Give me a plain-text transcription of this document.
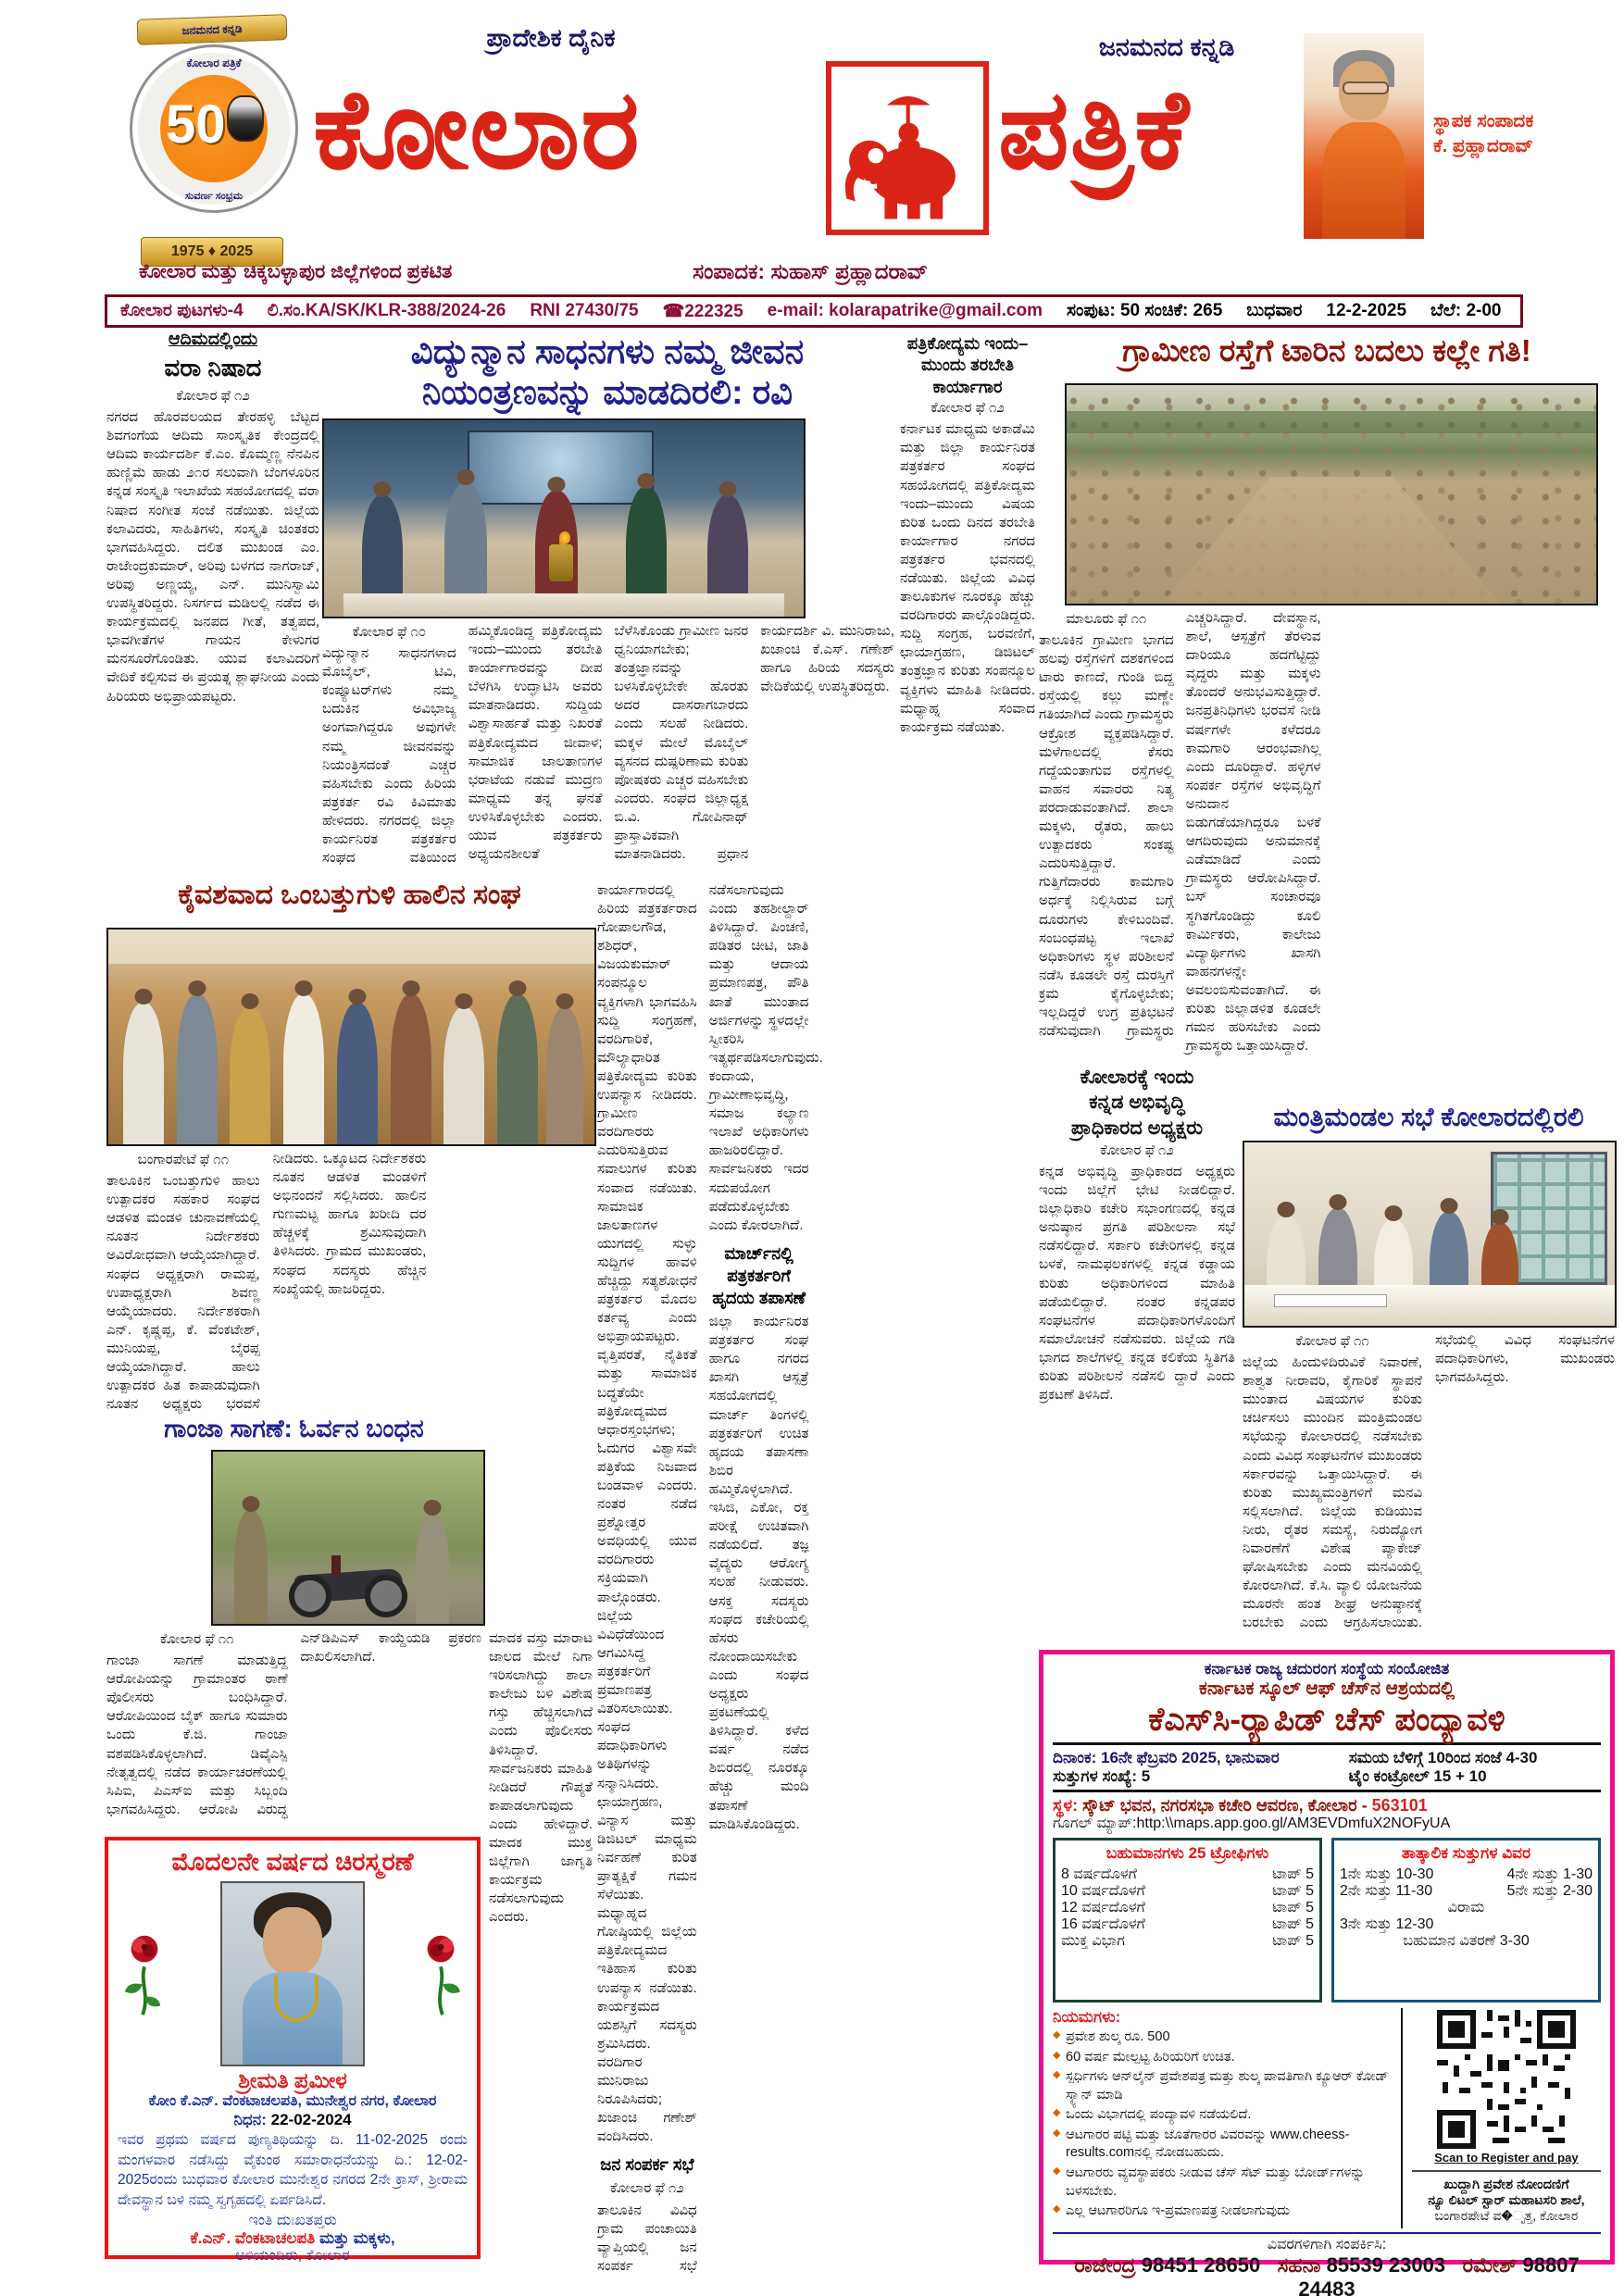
ಜನಮನದ ಕನ್ನಡಿ
ಕೋಲಾರ ಪತ್ರಿಕೆ
50
ಸುವರ್ಣ ಸಂಭ್ರಮ
1975 ♦ 2025
ಪ್ರಾದೇಶಿಕ ದೈನಿಕ	ಜನಮನದ ಕನ್ನಡಿ
ಕೋಲಾರ	ಪತ್ರಿಕೆ	ಸ್ಥಾಪಕ ಸಂಪಾದಕ
ಕೆ. ಪ್ರಹ್ಲಾದರಾವ್
ಕೋಲಾರ ಮತ್ತು ಚಿಕ್ಕಬಳ್ಳಾಪುರ ಜಿಲ್ಲೆಗಳಿಂದ ಪ್ರಕಟಿತ	ಸಂಪಾದಕ: ಸುಹಾಸ್ ಪ್ರಹ್ಲಾದರಾವ್
ಕೋಲಾರ ಪುಟಗಳು-4 ಲಿ.ಸಂ.KA/SK/KLR-388/2024-26 RNI 27430/75 ☎222325 e-mail: kolarapatrike@gmail.com ಸಂಪುಟ: 50 ಸಂಚಿಕೆ: 265 ಬುಧವಾರ 12-2-2025 ಬೆಲೆ: 2-00
ಆದಿಮದಲ್ಲಿಂದು
ವರಾ ನಿಷಾದ
ಕೋಲಾರ ಫೆ ೧೨
ನಗರದ ಹೊರವಲಯದ ತೇರಹಳ್ಳಿ ಬೆಟ್ಟದ ಶಿವಗಂಗೆಯ ಆದಿಮ ಸಾಂಸ್ಕೃತಿಕ ಕೇಂದ್ರದಲ್ಲಿ ಆದಿಮ ಕಾರ್ಯದರ್ಶಿ ಕೆ.ಎಂ. ಕೊಮ್ಮಣ್ಣ ನೆನಪಿನ ಹುಣ್ಣಿಮೆ ಹಾಡು ೨೧ರ ಸಲುವಾಗಿ ಬೆಂಗಳೂರಿನ ಕನ್ನಡ ಸಂಸ್ಕೃತಿ ಇಲಾಖೆಯ ಸಹಯೋಗದಲ್ಲಿ ವರಾ ನಿಷಾದ ಸಂಗೀತ ಸಂಜೆ ನಡೆಯಿತು. ಜಿಲ್ಲೆಯ ಕಲಾವಿದರು, ಸಾಹಿತಿಗಳು, ಸಂಸ್ಕೃತಿ ಚಿಂತಕರು ಭಾಗವಹಿಸಿದ್ದರು. ದಲಿತ ಮುಖಂಡ ಎಂ. ರಾಜೇಂದ್ರಕುಮಾರ್, ಅರಿವು ಬಳಗದ ನಾಗರಾಜ್, ಅರಿವು ಅಣ್ಣಯ್ಯ, ಎನ್. ಮುನಿಸ್ವಾಮಿ ಉಪಸ್ಥಿತರಿದ್ದರು. ನಿಸರ್ಗದ ಮಡಿಲಲ್ಲಿ ನಡೆದ ಈ ಕಾರ್ಯಕ್ರಮದಲ್ಲಿ ಜನಪದ ಗೀತೆ, ತತ್ವಪದ, ಭಾವಗೀತೆಗಳ ಗಾಯನ ಕೇಳುಗರ ಮನಸೂರೆಗೊಂಡಿತು. ಯುವ ಕಲಾವಿದರಿಗೆ ವೇದಿಕೆ ಕಲ್ಪಿಸುವ ಈ ಪ್ರಯತ್ನ ಶ್ಲಾಘನೀಯ ಎಂದು ಹಿರಿಯರು ಅಭಿಪ್ರಾಯಪಟ್ಟರು.
ವಿದ್ಯುನ್ಮಾನ ಸಾಧನಗಳು ನಮ್ಮ ಜೀವನ
ನಿಯಂತ್ರಣವನ್ನು ಮಾಡದಿರಲಿ: ರವಿ
ಕೋಲಾರ ಫೆ ೧೦
ವಿದ್ಯುನ್ಮಾನ ಸಾಧನಗಳಾದ ಮೊಬೈಲ್, ಟಿವಿ, ಕಂಪ್ಯೂಟರ್‌ಗಳು ನಮ್ಮ ಬದುಕಿನ ಅವಿಭಾಜ್ಯ ಅಂಗವಾಗಿದ್ದರೂ ಅವುಗಳೇ ನಮ್ಮ ಜೀವನವನ್ನು ನಿಯಂತ್ರಿಸದಂತೆ ಎಚ್ಚರ ವಹಿಸಬೇಕು ಎಂದು ಹಿರಿಯ ಪತ್ರಕರ್ತ ರವಿ ಕಿವಿಮಾತು ಹೇಳಿದರು. ನಗರದಲ್ಲಿ ಜಿಲ್ಲಾ ಕಾರ್ಯನಿರತ ಪತ್ರಕರ್ತರ ಸಂಘದ ವತಿಯಿಂದ ಹಮ್ಮಿಕೊಂಡಿದ್ದ ಪತ್ರಿಕೋದ್ಯಮ ಇಂದು–ಮುಂದು ತರಬೇತಿ ಕಾರ್ಯಾಗಾರವನ್ನು ದೀಪ ಬೆಳಗಿಸಿ ಉದ್ಘಾಟಿಸಿ ಅವರು ಮಾತನಾಡಿದರು. ಸುದ್ದಿಯ ವಿಶ್ವಾಸಾರ್ಹತೆ ಮತ್ತು ನಿಖರತೆ ಪತ್ರಿಕೋದ್ಯಮದ ಜೀವಾಳ; ಸಾಮಾಜಿಕ ಜಾಲತಾಣಗಳ ಭರಾಟೆಯ ನಡುವೆ ಮುದ್ರಣ ಮಾಧ್ಯಮ ತನ್ನ ಘನತೆ ಉಳಿಸಿಕೊಳ್ಳಬೇಕು ಎಂದರು. ಯುವ ಪತ್ರಕರ್ತರು ಅಧ್ಯಯನಶೀಲತೆ ಬೆಳೆಸಿಕೊಂಡು ಗ್ರಾಮೀಣ ಜನರ ಧ್ವನಿಯಾಗಬೇಕು; ತಂತ್ರಜ್ಞಾನವನ್ನು ಬಳಸಿಕೊಳ್ಳಬೇಕೇ ಹೊರತು ಅದರ ದಾಸರಾಗಬಾರದು ಎಂದು ಸಲಹೆ ನೀಡಿದರು. ಮಕ್ಕಳ ಮೇಲೆ ಮೊಬೈಲ್ ವ್ಯಸನದ ದುಷ್ಪರಿಣಾಮ ಕುರಿತು ಪೋಷಕರು ಎಚ್ಚರ ವಹಿಸಬೇಕು ಎಂದರು. ಸಂಘದ ಜಿಲ್ಲಾಧ್ಯಕ್ಷ ಬಿ.ವಿ. ಗೋಪಿನಾಥ್ ಪ್ರಾಸ್ತಾವಿಕವಾಗಿ ಮಾತನಾಡಿದರು. ಪ್ರಧಾನ ಕಾರ್ಯದರ್ಶಿ ವಿ. ಮುನಿರಾಜು, ಖಜಾಂಚಿ ಕೆ.ಎಸ್. ಗಣೇಶ್ ಹಾಗೂ ಹಿರಿಯ ಸದಸ್ಯರು ವೇದಿಕೆಯಲ್ಲಿ ಉಪಸ್ಥಿತರಿದ್ದರು.
ಪತ್ರಿಕೋದ್ಯಮ ಇಂದು–ಮುಂದು ತರಬೇತಿ ಕಾರ್ಯಾಗಾರ
ಕೋಲಾರ ಫೆ ೧೨
ಕರ್ನಾಟಕ ಮಾಧ್ಯಮ ಅಕಾಡೆಮಿ ಮತ್ತು ಜಿಲ್ಲಾ ಕಾರ್ಯನಿರತ ಪತ್ರಕರ್ತರ ಸಂಘದ ಸಹಯೋಗದಲ್ಲಿ ಪತ್ರಿಕೋದ್ಯಮ ಇಂದು–ಮುಂದು ವಿಷಯ ಕುರಿತ ಒಂದು ದಿನದ ತರಬೇತಿ ಕಾರ್ಯಾಗಾರ ನಗರದ ಪತ್ರಕರ್ತರ ಭವನದಲ್ಲಿ ನಡೆಯಿತು. ಜಿಲ್ಲೆಯ ವಿವಿಧ ತಾಲೂಕುಗಳ ನೂರಕ್ಕೂ ಹೆಚ್ಚು ವರದಿಗಾರರು ಪಾಲ್ಗೊಂಡಿದ್ದರು. ಸುದ್ದಿ ಸಂಗ್ರಹ, ಬರವಣಿಗೆ, ಛಾಯಾಗ್ರಹಣ, ಡಿಜಿಟಲ್ ತಂತ್ರಜ್ಞಾನ ಕುರಿತು ಸಂಪನ್ಮೂಲ ವ್ಯಕ್ತಿಗಳು ಮಾಹಿತಿ ನೀಡಿದರು. ಮಧ್ಯಾಹ್ನ ಸಂವಾದ ಕಾರ್ಯಕ್ರಮ ನಡೆಯಿತು.
ಗ್ರಾಮೀಣ ರಸ್ತೆಗೆ ಟಾರಿನ ಬದಲು ಕಲ್ಲೇ ಗತಿ!
ಮಾಲೂರು ಫೆ ೧೧
ತಾಲೂಕಿನ ಗ್ರಾಮೀಣ ಭಾಗದ ಹಲವು ರಸ್ತೆಗಳಿಗೆ ದಶಕಗಳಿಂದ ಟಾರು ಕಾಣದೆ, ಗುಂಡಿ ಬಿದ್ದ ರಸ್ತೆಯಲ್ಲಿ ಕಲ್ಲು ಮಣ್ಣೇ ಗತಿಯಾಗಿದೆ ಎಂದು ಗ್ರಾಮಸ್ಥರು ಆಕ್ರೋಶ ವ್ಯಕ್ತಪಡಿಸಿದ್ದಾರೆ. ಮಳೆಗಾಲದಲ್ಲಿ ಕೆಸರು ಗದ್ದೆಯಂತಾಗುವ ರಸ್ತೆಗಳಲ್ಲಿ ವಾಹನ ಸವಾರರು ನಿತ್ಯ ಪರದಾಡುವಂತಾಗಿದೆ. ಶಾಲಾ ಮಕ್ಕಳು, ರೈತರು, ಹಾಲು ಉತ್ಪಾದಕರು ಸಂಕಷ್ಟ ಎದುರಿಸುತ್ತಿದ್ದಾರೆ. ಗುತ್ತಿಗೆದಾರರು ಕಾಮಗಾರಿ ಅರ್ಧಕ್ಕೆ ನಿಲ್ಲಿಸಿರುವ ಬಗ್ಗೆ ದೂರುಗಳು ಕೇಳಿಬಂದಿವೆ. ಸಂಬಂಧಪಟ್ಟ ಇಲಾಖೆ ಅಧಿಕಾರಿಗಳು ಸ್ಥಳ ಪರಿಶೀಲನೆ ನಡೆಸಿ ಕೂಡಲೇ ರಸ್ತೆ ದುರಸ್ತಿಗೆ ಕ್ರಮ ಕೈಗೊಳ್ಳಬೇಕು; ಇಲ್ಲದಿದ್ದರೆ ಉಗ್ರ ಪ್ರತಿಭಟನೆ ನಡೆಸುವುದಾಗಿ ಗ್ರಾಮಸ್ಥರು ಎಚ್ಚರಿಸಿದ್ದಾರೆ. ದೇವಸ್ಥಾನ, ಶಾಲೆ, ಆಸ್ಪತ್ರೆಗೆ ತೆರಳುವ ದಾರಿಯೂ ಹದಗೆಟ್ಟಿದ್ದು ವೃದ್ಧರು ಮತ್ತು ಮಕ್ಕಳು ತೊಂದರೆ ಅನುಭವಿಸುತ್ತಿದ್ದಾರೆ. ಜನಪ್ರತಿನಿಧಿಗಳು ಭರವಸೆ ನೀಡಿ ವರ್ಷಗಳೇ ಕಳೆದರೂ ಕಾಮಗಾರಿ ಆರಂಭವಾಗಿಲ್ಲ ಎಂದು ದೂರಿದ್ದಾರೆ. ಹಳ್ಳಿಗಳ ಸಂಪರ್ಕ ರಸ್ತೆಗಳ ಅಭಿವೃದ್ಧಿಗೆ ಅನುದಾನ ಬಿಡುಗಡೆಯಾಗಿದ್ದರೂ ಬಳಕೆ ಆಗದಿರುವುದು ಅನುಮಾನಕ್ಕೆ ಎಡೆಮಾಡಿದೆ ಎಂದು ಗ್ರಾಮಸ್ಥರು ಆರೋಪಿಸಿದ್ದಾರೆ. ಬಸ್ ಸಂಚಾರವೂ ಸ್ಥಗಿತಗೊಂಡಿದ್ದು ಕೂಲಿ ಕಾರ್ಮಿಕರು, ಕಾಲೇಜು ವಿದ್ಯಾರ್ಥಿಗಳು ಖಾಸಗಿ ವಾಹನಗಳನ್ನೇ ಅವಲಂಬಿಸುವಂತಾಗಿದೆ. ಈ ಕುರಿತು ಜಿಲ್ಲಾಡಳಿತ ಕೂಡಲೇ ಗಮನ ಹರಿಸಬೇಕು ಎಂದು ಗ್ರಾಮಸ್ಥರು ಒತ್ತಾಯಿಸಿದ್ದಾರೆ.
ಕೈವಶವಾದ ಒಂಬತ್ತುಗುಳಿ ಹಾಲಿನ ಸಂಘ
ಬಂಗಾರಪೇಟೆ ಫೆ ೧೧
ತಾಲೂಕಿನ ಒಂಬತ್ತುಗುಳಿ ಹಾಲು ಉತ್ಪಾದಕರ ಸಹಕಾರ ಸಂಘದ ಆಡಳಿತ ಮಂಡಳಿ ಚುನಾವಣೆಯಲ್ಲಿ ನೂತನ ನಿರ್ದೇಶಕರು ಅವಿರೋಧವಾಗಿ ಆಯ್ಕೆಯಾಗಿದ್ದಾರೆ. ಸಂಘದ ಅಧ್ಯಕ್ಷರಾಗಿ ರಾಮಪ್ಪ, ಉಪಾಧ್ಯಕ್ಷರಾಗಿ ಶಿವಣ್ಣ ಆಯ್ಕೆಯಾದರು. ನಿರ್ದೇಶಕರಾಗಿ ಎನ್. ಕೃಷ್ಣಪ್ಪ, ಕೆ. ವೆಂಕಟೇಶ್, ಮುನಿಯಪ್ಪ, ಬೈರಪ್ಪ ಆಯ್ಕೆಯಾಗಿದ್ದಾರೆ. ಹಾಲು ಉತ್ಪಾದಕರ ಹಿತ ಕಾಪಾಡುವುದಾಗಿ ನೂತನ ಅಧ್ಯಕ್ಷರು ಭರವಸೆ ನೀಡಿದರು. ಒಕ್ಕೂಟದ ನಿರ್ದೇಶಕರು ನೂತನ ಆಡಳಿತ ಮಂಡಳಿಗೆ ಅಭಿನಂದನೆ ಸಲ್ಲಿಸಿದರು. ಹಾಲಿನ ಗುಣಮಟ್ಟ ಹಾಗೂ ಖರೀದಿ ದರ ಹೆಚ್ಚಳಕ್ಕೆ ಶ್ರಮಿಸುವುದಾಗಿ ತಿಳಿಸಿದರು. ಗ್ರಾಮದ ಮುಖಂಡರು, ಸಂಘದ ಸದಸ್ಯರು ಹೆಚ್ಚಿನ ಸಂಖ್ಯೆಯಲ್ಲಿ ಹಾಜರಿದ್ದರು.
ಕಾರ್ಯಾಗಾರದಲ್ಲಿ ಹಿರಿಯ ಪತ್ರಕರ್ತರಾದ ಗೋಪಾಲಗೌಡ, ಶಶಿಧರ್, ವಿಜಯಕುಮಾರ್ ಸಂಪನ್ಮೂಲ ವ್ಯಕ್ತಿಗಳಾಗಿ ಭಾಗವಹಿಸಿ ಸುದ್ದಿ ಸಂಗ್ರಹಣೆ, ವರದಿಗಾರಿಕೆ, ಮೌಲ್ಯಾಧಾರಿತ ಪತ್ರಿಕೋದ್ಯಮ ಕುರಿತು ಉಪನ್ಯಾಸ ನೀಡಿದರು. ಗ್ರಾಮೀಣ ವರದಿಗಾರರು ಎದುರಿಸುತ್ತಿರುವ ಸವಾಲುಗಳ ಕುರಿತು ಸಂವಾದ ನಡೆಯಿತು. ಸಾಮಾಜಿಕ ಜಾಲತಾಣಗಳ ಯುಗದಲ್ಲಿ ಸುಳ್ಳು ಸುದ್ದಿಗಳ ಹಾವಳಿ ಹೆಚ್ಚಿದ್ದು ಸತ್ಯಶೋಧನೆ ಪತ್ರಕರ್ತರ ಮೊದಲ ಕರ್ತವ್ಯ ಎಂದು ಅಭಿಪ್ರಾಯಪಟ್ಟರು. ವೃತ್ತಿಪರತೆ, ನೈತಿಕತೆ ಮತ್ತು ಸಾಮಾಜಿಕ ಬದ್ಧತೆಯೇ ಪತ್ರಿಕೋದ್ಯಮದ ಆಧಾರಸ್ತಂಭಗಳು; ಓದುಗರ ವಿಶ್ವಾಸವೇ ಪತ್ರಿಕೆಯ ನಿಜವಾದ ಬಂಡವಾಳ ಎಂದರು. ನಂತರ ನಡೆದ ಪ್ರಶ್ನೋತ್ತರ ಅವಧಿಯಲ್ಲಿ ಯುವ ವರದಿಗಾರರು ಸಕ್ರಿಯವಾಗಿ ಪಾಲ್ಗೊಂಡರು. ಜಿಲ್ಲೆಯ ವಿವಿಧೆಡೆಯಿಂದ ಆಗಮಿಸಿದ್ದ ಪತ್ರಕರ್ತರಿಗೆ ಪ್ರಮಾಣಪತ್ರ ವಿತರಿಸಲಾಯಿತು. ಸಂಘದ ಪದಾಧಿಕಾರಿಗಳು ಅತಿಥಿಗಳನ್ನು ಸನ್ಮಾನಿಸಿದರು. ಛಾಯಾಗ್ರಹಣ, ವಿನ್ಯಾಸ ಮತ್ತು ಡಿಜಿಟಲ್ ಮಾಧ್ಯಮ ನಿರ್ವಹಣೆ ಕುರಿತ ಪ್ರಾತ್ಯಕ್ಷಿಕೆ ಗಮನ ಸೆಳೆಯಿತು. ಮಧ್ಯಾಹ್ನದ ಗೋಷ್ಠಿಯಲ್ಲಿ ಜಿಲ್ಲೆಯ ಪತ್ರಿಕೋದ್ಯಮದ ಇತಿಹಾಸ ಕುರಿತು ಉಪನ್ಯಾಸ ನಡೆಯಿತು. ಕಾರ್ಯಕ್ರಮದ ಯಶಸ್ಸಿಗೆ ಸದಸ್ಯರು ಶ್ರಮಿಸಿದರು. ವರದಿಗಾರ ಮುನಿರಾಜು ನಿರೂಪಿಸಿದರು; ಖಜಾಂಚಿ ಗಣೇಶ್ ವಂದಿಸಿದರು.
ಜನ ಸಂಪರ್ಕ ಸಭೆ
ಕೋಲಾರ ಫೆ ೧೨
ತಾಲೂಕಿನ ವಿವಿಧ ಗ್ರಾಮ ಪಂಚಾಯಿತಿ ವ್ಯಾಪ್ತಿಯಲ್ಲಿ ಜನ ಸಂಪರ್ಕ ಸಭೆ ನಡೆಸಲಾಗುವುದು ಎಂದು ತಹಶೀಲ್ದಾರ್ ತಿಳಿಸಿದ್ದಾರೆ. ಪಿಂಚಣಿ, ಪಡಿತರ ಚೀಟಿ, ಜಾತಿ ಮತ್ತು ಆದಾಯ ಪ್ರಮಾಣಪತ್ರ, ಪೌತಿ ಖಾತೆ ಮುಂತಾದ ಅರ್ಜಿಗಳನ್ನು ಸ್ಥಳದಲ್ಲೇ ಸ್ವೀಕರಿಸಿ ಇತ್ಯರ್ಥಪಡಿಸಲಾಗುವುದು. ಕಂದಾಯ, ಗ್ರಾಮೀಣಾಭಿವೃದ್ಧಿ, ಸಮಾಜ ಕಲ್ಯಾಣ ಇಲಾಖೆ ಅಧಿಕಾರಿಗಳು ಹಾಜರಿರಲಿದ್ದಾರೆ. ಸಾರ್ವಜನಿಕರು ಇದರ ಸದುಪಯೋಗ ಪಡೆದುಕೊಳ್ಳಬೇಕು ಎಂದು ಕೋರಲಾಗಿದೆ.
ಮಾರ್ಚ್‌ನಲ್ಲಿ ಪತ್ರಕರ್ತರಿಗೆ ಹೃದಯ ತಪಾಸಣೆ
ಜಿಲ್ಲಾ ಕಾರ್ಯನಿರತ ಪತ್ರಕರ್ತರ ಸಂಘ ಹಾಗೂ ನಗರದ ಖಾಸಗಿ ಆಸ್ಪತ್ರೆ ಸಹಯೋಗದಲ್ಲಿ ಮಾರ್ಚ್ ತಿಂಗಳಲ್ಲಿ ಪತ್ರಕರ್ತರಿಗೆ ಉಚಿತ ಹೃದಯ ತಪಾಸಣಾ ಶಿಬಿರ ಹಮ್ಮಿಕೊಳ್ಳಲಾಗಿದೆ. ಇಸಿಜಿ, ಎಕೋ, ರಕ್ತ ಪರೀಕ್ಷೆ ಉಚಿತವಾಗಿ ನಡೆಯಲಿದೆ. ತಜ್ಞ ವೈದ್ಯರು ಆರೋಗ್ಯ ಸಲಹೆ ನೀಡುವರು. ಆಸಕ್ತ ಸದಸ್ಯರು ಸಂಘದ ಕಚೇರಿಯಲ್ಲಿ ಹೆಸರು ನೋಂದಾಯಿಸಬೇಕು ಎಂದು ಸಂಘದ ಅಧ್ಯಕ್ಷರು ಪ್ರಕಟಣೆಯಲ್ಲಿ ತಿಳಿಸಿದ್ದಾರೆ. ಕಳೆದ ವರ್ಷ ನಡೆದ ಶಿಬಿರದಲ್ಲಿ ನೂರಕ್ಕೂ ಹೆಚ್ಚು ಮಂದಿ ತಪಾಸಣೆ ಮಾಡಿಸಿಕೊಂಡಿದ್ದರು.
ಕೋಲಾರಕ್ಕೆ ಇಂದು
ಕನ್ನಡ ಅಭಿವೃದ್ಧಿ
ಪ್ರಾಧಿಕಾರದ ಅಧ್ಯಕ್ಷರು
ಕೋಲಾರ ಫೆ ೧೨
ಕನ್ನಡ ಅಭಿವೃದ್ಧಿ ಪ್ರಾಧಿಕಾರದ ಅಧ್ಯಕ್ಷರು ಇಂದು ಜಿಲ್ಲೆಗೆ ಭೇಟಿ ನೀಡಲಿದ್ದಾರೆ. ಜಿಲ್ಲಾಧಿಕಾರಿ ಕಚೇರಿ ಸಭಾಂಗಣದಲ್ಲಿ ಕನ್ನಡ ಅನುಷ್ಠಾನ ಪ್ರಗತಿ ಪರಿಶೀಲನಾ ಸಭೆ ನಡೆಸಲಿದ್ದಾರೆ. ಸರ್ಕಾರಿ ಕಚೇರಿಗಳಲ್ಲಿ ಕನ್ನಡ ಬಳಕೆ, ನಾಮಫಲಕಗಳಲ್ಲಿ ಕನ್ನಡ ಕಡ್ಡಾಯ ಕುರಿತು ಅಧಿಕಾರಿಗಳಿಂದ ಮಾಹಿತಿ ಪಡೆಯಲಿದ್ದಾರೆ. ನಂತರ ಕನ್ನಡಪರ ಸಂಘಟನೆಗಳ ಪದಾಧಿಕಾರಿಗಳೊಂದಿಗೆ ಸಮಾಲೋಚನೆ ನಡೆಸುವರು. ಜಿಲ್ಲೆಯ ಗಡಿ ಭಾಗದ ಶಾಲೆಗಳಲ್ಲಿ ಕನ್ನಡ ಕಲಿಕೆಯ ಸ್ಥಿತಿಗತಿ ಕುರಿತು ಪರಿಶೀಲನೆ ನಡೆಸಲಿ ದ್ದಾರೆ ಎಂದು ಪ್ರಕಟಣೆ ತಿಳಿಸಿದೆ.
ಮಂತ್ರಿಮಂಡಲ ಸಭೆ ಕೋಲಾರದಲ್ಲಿರಲಿ
ಕೋಲಾರ ಫೆ ೧೧
ಜಿಲ್ಲೆಯ ಹಿಂದುಳಿದಿರುವಿಕೆ ನಿವಾರಣೆ, ಶಾಶ್ವತ ನೀರಾವರಿ, ಕೈಗಾರಿಕೆ ಸ್ಥಾಪನೆ ಮುಂತಾದ ವಿಷಯಗಳ ಕುರಿತು ಚರ್ಚಿಸಲು ಮುಂದಿನ ಮಂತ್ರಿಮಂಡಲ ಸಭೆಯನ್ನು ಕೋಲಾರದಲ್ಲಿ ನಡೆಸಬೇಕು ಎಂದು ವಿವಿಧ ಸಂಘಟನೆಗಳ ಮುಖಂಡರು ಸರ್ಕಾರವನ್ನು ಒತ್ತಾಯಿಸಿದ್ದಾರೆ. ಈ ಕುರಿತು ಮುಖ್ಯಮಂತ್ರಿಗಳಿಗೆ ಮನವಿ ಸಲ್ಲಿಸಲಾಗಿದೆ. ಜಿಲ್ಲೆಯ ಕುಡಿಯುವ ನೀರು, ರೈತರ ಸಮಸ್ಯೆ, ನಿರುದ್ಯೋಗ ನಿವಾರಣೆಗೆ ವಿಶೇಷ ಪ್ಯಾಕೇಜ್ ಘೋಷಿಸಬೇಕು ಎಂದು ಮನವಿಯಲ್ಲಿ ಕೋರಲಾಗಿದೆ. ಕೆ.ಸಿ. ವ್ಯಾಲಿ ಯೋಜನೆಯ ಮೂರನೇ ಹಂತ ಶೀಘ್ರ ಅನುಷ್ಠಾನಕ್ಕೆ ಬರಬೇಕು ಎಂದು ಆಗ್ರಹಿಸಲಾಯಿತು. ಸಭೆಯಲ್ಲಿ ವಿವಿಧ ಸಂಘಟನೆಗಳ ಪದಾಧಿಕಾರಿಗಳು, ಮುಖಂಡರು ಭಾಗವಹಿಸಿದ್ದರು.
ಗಾಂಜಾ ಸಾಗಣೆ: ಓರ್ವನ ಬಂಧನ
ಕೋಲಾರ ಫೆ ೧೧
ಗಾಂಜಾ ಸಾಗಣೆ ಮಾಡುತ್ತಿದ್ದ ಆರೋಪಿಯನ್ನು ಗ್ರಾಮಾಂತರ ಠಾಣೆ ಪೊಲೀಸರು ಬಂಧಿಸಿದ್ದಾರೆ. ಆರೋಪಿಯಿಂದ ಬೈಕ್ ಹಾಗೂ ಸುಮಾರು ಒಂದು ಕೆ.ಜಿ. ಗಾಂಜಾ ವಶಪಡಿಸಿಕೊಳ್ಳಲಾಗಿದೆ. ಡಿವೈಎಸ್ಪಿ ನೇತೃತ್ವದಲ್ಲಿ ನಡೆದ ಕಾರ್ಯಾಚರಣೆಯಲ್ಲಿ ಸಿಪಿಐ, ಪಿಎಸ್ಐ ಮತ್ತು ಸಿಬ್ಬಂದಿ ಭಾಗವಹಿಸಿದ್ದರು. ಆರೋಪಿ ವಿರುದ್ಧ ಎನ್‌ಡಿಪಿಎಸ್ ಕಾಯ್ದೆಯಡಿ ಪ್ರಕರಣ ದಾಖಲಿಸಲಾಗಿದೆ.
ಮಾದಕ ವಸ್ತು ಮಾರಾಟ ಜಾಲದ ಮೇಲೆ ನಿಗಾ ಇರಿಸಲಾಗಿದ್ದು ಶಾಲಾ ಕಾಲೇಜು ಬಳಿ ವಿಶೇಷ ಗಸ್ತು ಹೆಚ್ಚಿಸಲಾಗಿದೆ ಎಂದು ಪೊಲೀಸರು ತಿಳಿಸಿದ್ದಾರೆ. ಸಾರ್ವಜನಿಕರು ಮಾಹಿತಿ ನೀಡಿದರೆ ಗೌಪ್ಯತೆ ಕಾಪಾಡಲಾಗುವುದು ಎಂದು ಹೇಳಿದ್ದಾರೆ. ಮಾದಕ ಮುಕ್ತ ಜಿಲ್ಲೆಗಾಗಿ ಜಾಗೃತಿ ಕಾರ್ಯಕ್ರಮ ನಡೆಸಲಾಗುವುದು ಎಂದರು.
ಮೊದಲನೇ ವರ್ಷದ ಚಿರಸ್ಮರಣೆ
ಶ್ರೀಮತಿ ಪ್ರಮೀಳ
ಕೋಂ ಕೆ.ಎನ್. ವೆಂಕಟಾಚಲಪತಿ, ಮುನೇಶ್ವರ ನಗರ, ಕೋಲಾರ
ನಿಧನ: 22-02-2024
ಇವರ ಪ್ರಥಮ ವರ್ಷದ ಪುಣ್ಯತಿಥಿಯನ್ನು ದಿ. 11-02-2025 ರಂದು ಮಂಗಳವಾರ ನಡೆಸಿದ್ದು ವೈಕುಂಠ ಸಮಾರಾಧನೆಯನ್ನು ದಿ.: 12-02-2025ರಂದು ಬುಧವಾರ ಕೋಲಾರ ಮುನೇಶ್ವರ ನಗರದ 2ನೇ ಕ್ರಾಸ್, ಶ್ರೀರಾಮ ದೇವಸ್ಥಾನ ಬಳಿ ನಮ್ಮ ಸ್ವಗೃಹದಲ್ಲಿ ಏರ್ಪಡಿಸಿದೆ.
ಇಂತಿ ದುಃಖತಪ್ತರು
ಕೆ.ಎನ್. ವೆಂಕಟಾಚಲಪತಿ ಮತ್ತು ಮಕ್ಕಳು,
ಅಳಿಯಂದಿರು, ಕೋಲಾರ
ಕರ್ನಾಟಕ ರಾಜ್ಯ ಚದುರಂಗ ಸಂಸ್ಥೆಯ ಸಂಯೋಜಿತ
ಕರ್ನಾಟಕ ಸ್ಕೂಲ್ ಆಫ್ ಚೆಸ್‌ನ ಆಶ್ರಯದಲ್ಲಿ
ಕೆಎಸ್‌ಸಿ-ರ‍್ಯಾಪಿಡ್ ಚೆಸ್ ಪಂದ್ಯಾವಳಿ
ದಿನಾಂಕ: 16ನೇ ಫೆಬ್ರವರಿ 2025, ಭಾನುವಾರ
ಸುತ್ತುಗಳ ಸಂಖ್ಯೆ: 5
ಸಮಯ ಬೆಳಿಗ್ಗೆ 10ರಿಂದ ಸಂಜೆ 4-30
ಟೈಂ ಕಂಟ್ರೋಲ್ 15 + 10
ಸ್ಥಳ: ಸ್ಕೌಟ್ ಭವನ, ನಗರಸಭಾ ಕಚೇರಿ ಆವರಣ, ಕೋಲಾರ - 563101
ಗೂಗಲ್ ಮ್ಯಾಪ್:http:\\maps.app.goo.gl/AM3EVDmfuX2NOFyUA
ಬಹುಮಾನಗಳು 25 ಟ್ರೋಫಿಗಳು
8 ವರ್ಷದೊಳಗೆ	ಟಾಪ್ 5
10 ವರ್ಷದೊಳಗೆ	ಟಾಪ್ 5
12 ವರ್ಷದೊಳಗೆ	ಟಾಪ್ 5
16 ವರ್ಷದೊಳಗೆ	ಟಾಪ್ 5
ಮುಕ್ತ ವಿಭಾಗ	ಟಾಪ್ 5
ತಾತ್ಕಾಲಿಕ ಸುತ್ತುಗಳ ವಿವರ
1ನೇ ಸುತ್ತು 10-30	4ನೇ ಸುತ್ತು 1-30
2ನೇ ಸುತ್ತು 11-30	5ನೇ ಸುತ್ತು 2-30
ವಿರಾಮ
3ನೇ ಸುತ್ತು 12-30
ಬಹುಮಾನ ವಿತರಣೆ 3-30
ನಿಯಮಗಳು:
◆ ಪ್ರವೇಶ ಶುಲ್ಕ ರೂ. 500
◆ 60 ವರ್ಷ ಮೇಲ್ಪಟ್ಟ ಹಿರಿಯರಿಗೆ ಉಚಿತ.
◆ ಸ್ಪರ್ಧಿಗಳು ಆನ್‌ಲೈನ್ ಪ್ರವೇಶಪತ್ರ ಮತ್ತು ಶುಲ್ಕ ಪಾವತಿಗಾಗಿ ಕ್ಯೂಆರ್ ಕೋಡ್ ಸ್ಕ್ಯಾನ್ ಮಾಡಿ
◆ ಒಂದು ವಿಭಾಗದಲ್ಲಿ ಪಂದ್ಯಾವಳಿ ನಡೆಯಲಿದೆ.
◆ ಆಟಗಾರರ ಪಟ್ಟಿ ಮತ್ತು ಜೊತೆಗಾರರ ವಿವರವನ್ನು www.cheess-results.comನಲ್ಲಿ ನೋಡಬಹುದು.
◆ ಆಟಗಾರರು ವ್ಯವಸ್ಥಾಪಕರು ನೀಡುವ ಚೆಸ್ ಸೆಟ್ ಮತ್ತು ಬೋರ್ಡ್‌ಗಳನ್ನು ಬಳಸಬೇಕು.
◆ ಎಲ್ಲ ಆಟಗಾರರಿಗೂ ಇ-ಪ್ರಮಾಣಪತ್ರ ನೀಡಲಾಗುವುದು
Scan to Register and pay
ಖುದ್ದಾಗಿ ಪ್ರವೇಶ ನೋಂದಣಿಗೆ
ನ್ಯೂ ಲಿಟಲ್ ಸ್ಟಾರ್ ಮಹಾಟಸರಿ ಶಾಲೆ,
ಬಂಗಾರಪೇಟೆ ವ�ೃತ್ತ, ಕೋಲಾರ
ವಿವರಗಳಿಗಾಗಿ ಸಂಪರ್ಕಿಸಿ:
ರಾಜೇಂದ್ರ 98451 28650 ಸಹನಾ 85539 23003 ರಮೇಶ್ 98807 24483
